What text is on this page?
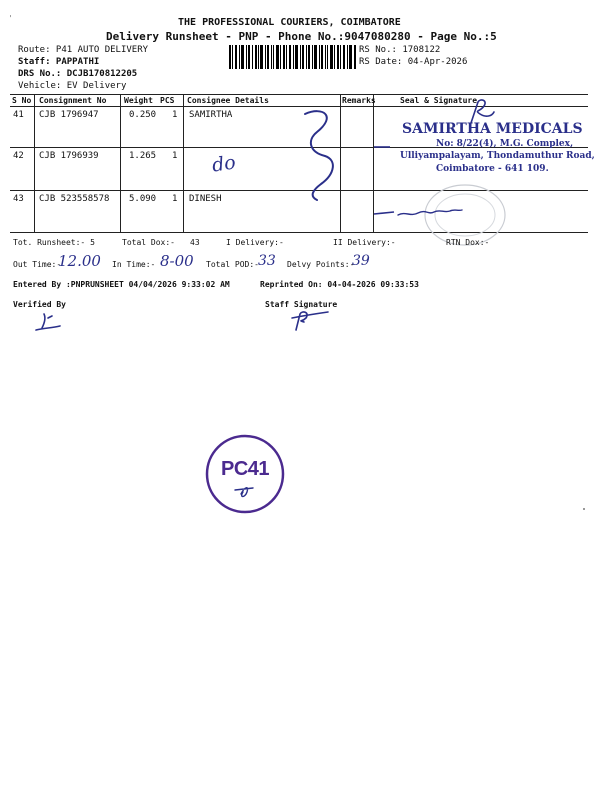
'	THE PROFESSIONAL COURIERS, COIMBATORE
Delivery Runsheet - PNP - Phone No.:9047080280 - Page No.:5
Route: P41 AUTO DELIVERY
Staff: PAPPATHI
DRS No.: DCJB170812205
Vehicle: EV Delivery
RS No.: 1708122
RS Date: 04-Apr-2026
S No Consignment No Weight PCS Consignee Details	Remarks	Seal & Signature
41 CJB 1796947	0.250 1 SAMIRTHA
42 CJB 1796939	1.265 1
43 CJB 523558578 5.090 1 DINESH
do
SAMIRTHA MEDICALS
No: 8/22(4), M.G. Complex,
Ulliyampalayam, Thondamuthur Road,
Coimbatore - 641 109.
Tot. Runsheet:- 5	Total Dox:- 43	I Delivery:-	II Delivery:-	RTN Dox:-
Out Time:-
12.00 In Time:- 8-00 Total POD:- 33 Delvy Points:-
39
Entered By :PNPRUNSHEET 04/04/2026 9:33:02 AM	Reprinted On: 04-04-2026 09:33:53
Verified By	Staff Signature
PC41
